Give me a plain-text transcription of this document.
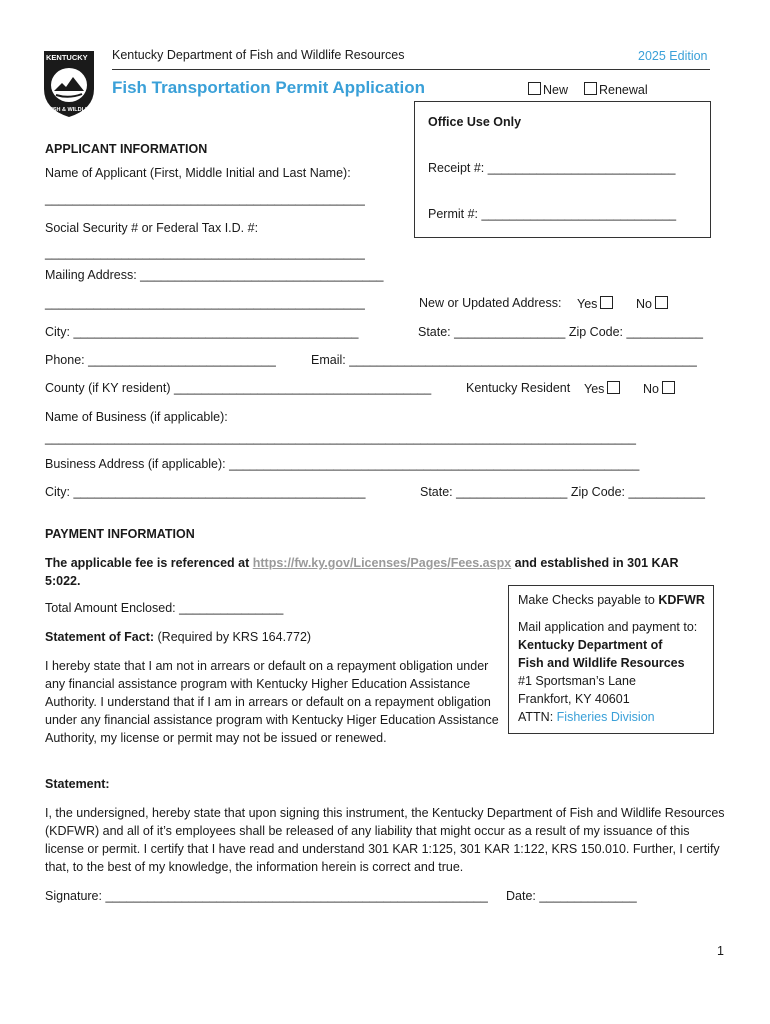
KENTUCKY
FISH & WILDLIFE
Kentucky Department of Fish and Wildlife Resources	2025 Edition
Fish Transportation Permit Application	New	Renewal
Office Use Only
Receipt #: ___________________________
Permit #: ____________________________
APPLICANT INFORMATION
Name of Applicant (First, Middle Initial and Last Name):
______________________________________________
Social Security # or Federal Tax I.D. #:
______________________________________________
Mailing Address: ___________________________________
______________________________________________	New or Updated Address: Yes	No
City: _________________________________________	State: ________________ Zip Code: ___________
Phone: ___________________________	Email: __________________________________________________
County (if KY resident) _____________________________________	Kentucky Resident Yes	No
Name of Business (if applicable):
_____________________________________________________________________________________
Business Address (if applicable): ___________________________________________________________
City: __________________________________________	State: ________________ Zip Code: ___________
PAYMENT INFORMATION
The applicable fee is referenced at https://fw.ky.gov/Licenses/Pages/Fees.aspx and established in 301 KAR 5:022.
Total Amount Enclosed: _______________
Statement of Fact: (Required by KRS 164.772)
I hereby state that I am not in arrears or default on a repayment obligation under any financial assistance program with Kentucky Higher Education Assistance Authority. I understand that if I am in arrears or default on a repayment obligation under any financial assistance program with Kentucky Higer Education Assistance Authority, my license or permit may not be issued or renewed.
Make Checks payable to KDFWR
Mail application and payment to:
Kentucky Department of
Fish and Wildlife Resources
#1 Sportsman’s Lane
Frankfort, KY 40601
ATTN: Fisheries Division
Statement:
I, the undersigned, hereby state that upon signing this instrument, the Kentucky Department of Fish and Wildlife Resources (KDFWR) and all of it’s employees shall be released of any liability that might occur as a result of my issuance of this license or permit. I certify that I have read and understand 301 KAR 1:125, 301 KAR 1:122, KRS 150.010. Further, I certify that, to the best of my knowledge, the information herein is correct and true.
Signature: _______________________________________________________ Date: ______________
1
